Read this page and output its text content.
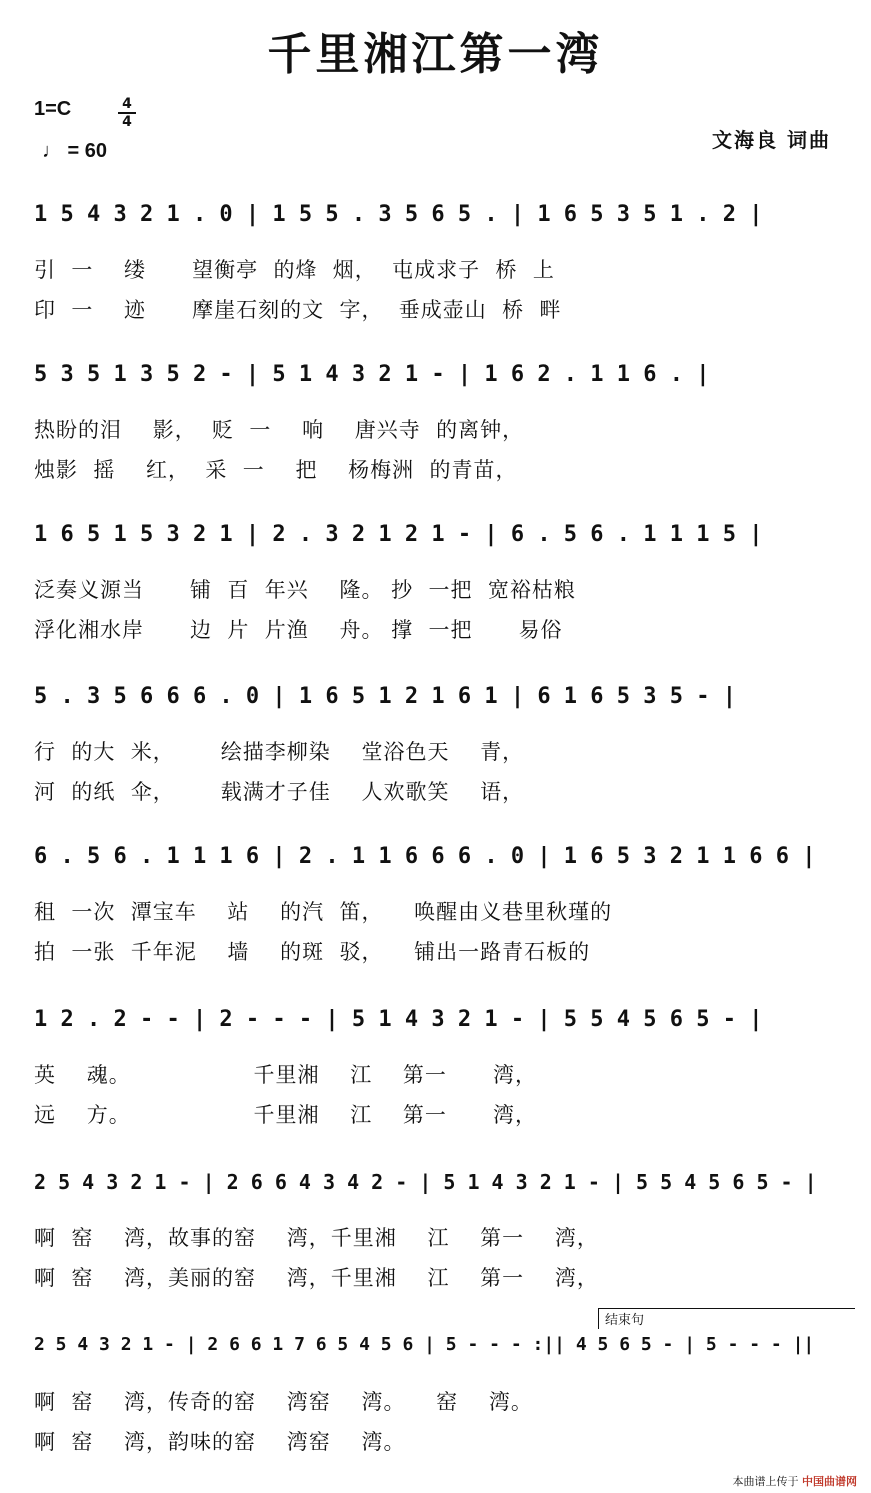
千里湘江第一湾
1=C	4
4
♩ = 60	文海良 词曲
1 5 4 3 2 1 . 0 | 1 5 5 . 3 5 6 5 . | 1 6 5 3 5 1 . 2 |
引  一    缕      望衡亭  的烽  烟，  屯成求子  桥  上
印  一    迹      摩崖石刻的文  字，  垂成壶山  桥  畔
5 3 5 1 3 5 2 - | 5 1 4 3 2 1 - | 1 6 2 . 1 1 6 . |
热盼的泪    影，  贬  一    响    唐兴寺  的离钟，
烛影  摇    红，  采  一    把    杨梅洲  的青苗，
1 6 5 1 5 3 2 1 | 2 . 3 2 1 2 1 - | 6 . 5 6 . 1 1 1 5 |
泛奏义源当      铺  百  年兴    隆。 抄  一把  宽裕枯粮
浮化湘水岸      边  片  片渔    舟。 撑  一把      易俗
5 . 3 5 6 6 6 . 0 | 1 6 5 1 2 1 6 1 | 6 1 6 5 3 5 - |
行  的大  米，      绘描李柳染    堂浴色天    青，
河  的纸  伞，      载满才子佳    人欢歌笑    语，
6 . 5 6 . 1 1 1 6 | 2 . 1 1 6 6 6 . 0 | 1 6 5 3 2 1 1 6 6 |
租  一次  潭宝车    站    的汽  笛，    唤醒由义巷里秋瑾的
拍  一张  千年泥    墙    的斑  驳，    铺出一路青石板的
1 2 . 2 - - | 2 - - - | 5 1 4 3 2 1 - | 5 5 4 5 6 5 - |
英    魂。                千里湘    江    第一      湾，
远    方。                千里湘    江    第一      湾，
2 5 4 3 2 1 - | 2 6 6 4 3 4 2 - | 5 1 4 3 2 1 - | 5 5 4 5 6 5 - |
啊  窑    湾，故事的窑    湾，千里湘    江    第一    湾，
啊  窑    湾，美丽的窑    湾，千里湘    江    第一    湾，
2 5 4 3 2 1 - | 2 6 6 1 7 6 5 4 5 6 | 5 - - - :|| 4 5 6 5 - | 5 - - - ||
啊  窑    湾，传奇的窑    湾窑    湾。    窑    湾。
啊  窑    湾，韵味的窑    湾窑    湾。
结束句
本曲谱上传于 中国曲谱网
